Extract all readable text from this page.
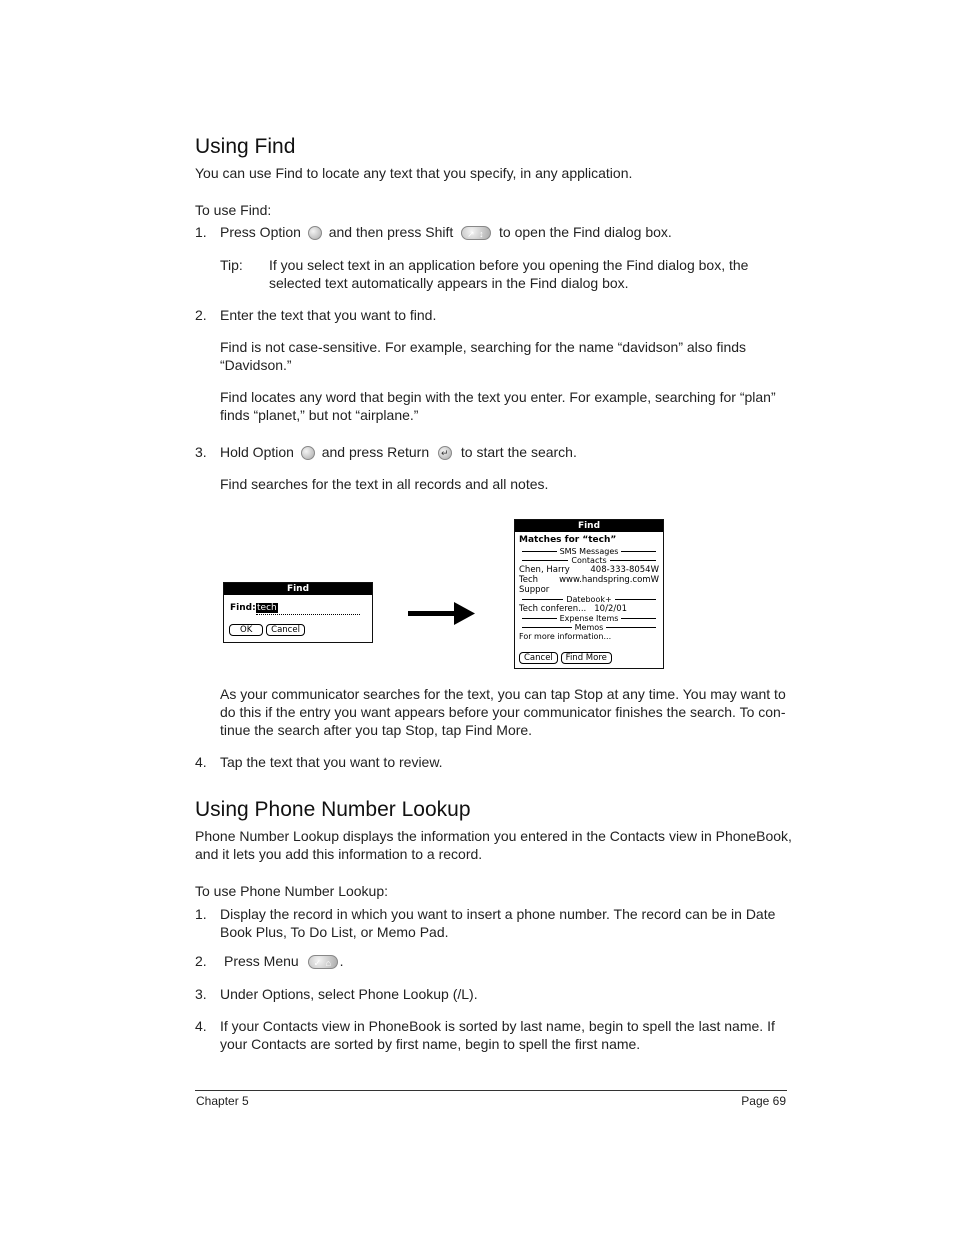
Using Find
You can use Find to locate any text that you specify, in any application.
To use Find:
1. Press Option and then press Shift ↗ ↕ to open the Find dialog box.
Tip: If you select text in an application before you opening the Find dialog box, the
selected text automatically appears in the Find dialog box.
2. Enter the text that you want to find.
Find is not case-sensitive. For example, searching for the name “davidson” also finds
“Davidson.”
Find locates any word that begin with the text you enter. For example, searching for “plan”
finds “planet,” but not “airplane.”
3. Hold Option and press Return ↵ to start the search.
Find searches for the text in all records and all notes.
Find
Find: tech
OK Cancel
Find
Matches for “tech”
SMS Messages
Contacts
Chen, Harry 408-333-8054W
Tech Suppor
www.handspring.comW
Datebook+
Tech conferen... 10/2/01
Expense Items
Memos
For more information...
Cancel Find More
As your communicator searches for the text, you can tap Stop at any time. You may want to
do this if the entry you want appears before your communicator finishes the search. To con-
tinue the search after you tap Stop, tap Find More.
4. Tap the text that you want to review.
Using Phone Number Lookup
Phone Number Lookup displays the information you entered in the Contacts view in PhoneBook,
and it lets you add this information to a record.
To use Phone Number Lookup:
1. Display the record in which you want to insert a phone number. The record can be in Date
Book Plus, To Do List, or Memo Pad.
2. Press Menu ✓ ⌂ .
3. Under Options, select Phone Lookup (/L).
4. If your Contacts view in PhoneBook is sorted by last name, begin to spell the last name. If
your Contacts are sorted by first name, begin to spell the first name.
Chapter 5	Page 69
